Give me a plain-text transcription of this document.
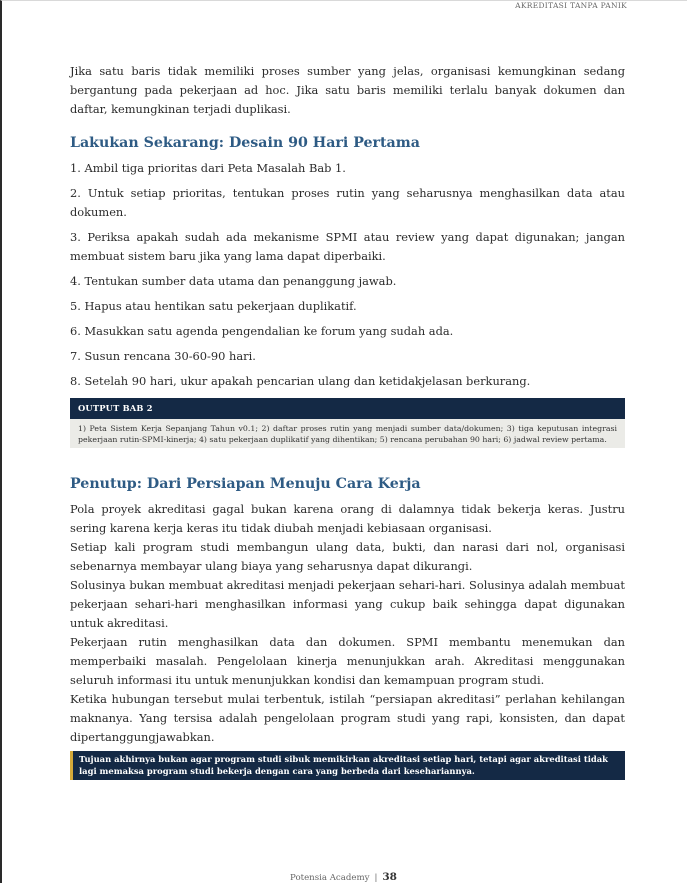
AKREDITASI TANPA PANIK

Jika satu baris tidak memiliki proses sumber yang jelas, organisasi kemungkinan sedang bergantung pada pekerjaan ad hoc. Jika satu baris memiliki terlalu banyak dokumen dan daftar, kemungkinan terjadi duplikasi.

Lakukan Sekarang: Desain 90 Hari Pertama
1. Ambil tiga prioritas dari Peta Masalah Bab 1.
2. Untuk setiap prioritas, tentukan proses rutin yang seharusnya menghasilkan data atau dokumen.
3. Periksa apakah sudah ada mekanisme SPMI atau review yang dapat digunakan; jangan membuat sistem baru jika yang lama dapat diperbaiki.
4. Tentukan sumber data utama dan penanggung jawab.
5. Hapus atau hentikan satu pekerjaan duplikatif.
6. Masukkan satu agenda pengendalian ke forum yang sudah ada.
7. Susun rencana 30-60-90 hari.
8. Setelah 90 hari, ukur apakah pencarian ulang dan ketidakjelasan berkurang.
OUTPUT BAB 2
1) Peta Sistem Kerja Sepanjang Tahun v0.1; 2) daftar proses rutin yang menjadi sumber data/dokumen; 3) tiga keputusan integrasi pekerjaan rutin-SPMI-kinerja; 4) satu pekerjaan duplikatif yang dihentikan; 5) rencana perubahan 90 hari; 6) jadwal review pertama.
Penutup: Dari Persiapan Menuju Cara Kerja

Pola proyek akreditasi gagal bukan karena orang di dalamnya tidak bekerja keras. Justru sering karena kerja keras itu tidak diubah menjadi kebiasaan organisasi.

Setiap kali program studi membangun ulang data, bukti, dan narasi dari nol, organisasi sebenarnya membayar ulang biaya yang seharusnya dapat dikurangi.

Solusinya bukan membuat akreditasi menjadi pekerjaan sehari-hari. Solusinya adalah membuat pekerjaan sehari-hari menghasilkan informasi yang cukup baik sehingga dapat digunakan untuk akreditasi.

Pekerjaan rutin menghasilkan data dan dokumen. SPMI membantu menemukan dan memperbaiki masalah. Pengelolaan kinerja menunjukkan arah. Akreditasi menggunakan seluruh informasi itu untuk menunjukkan kondisi dan kemampuan program studi.

Ketika hubungan tersebut mulai terbentuk, istilah “persiapan akreditasi” perlahan kehilangan maknanya. Yang tersisa adalah pengelolaan program studi yang rapi, konsisten, dan dapat dipertanggungjawabkan.

Tujuan akhirnya bukan agar program studi sibuk memikirkan akreditasi setiap hari, tetapi agar akreditasi tidak lagi memaksa program studi bekerja dengan cara yang berbeda dari kesehariannya.
Potensia Academy | 38
